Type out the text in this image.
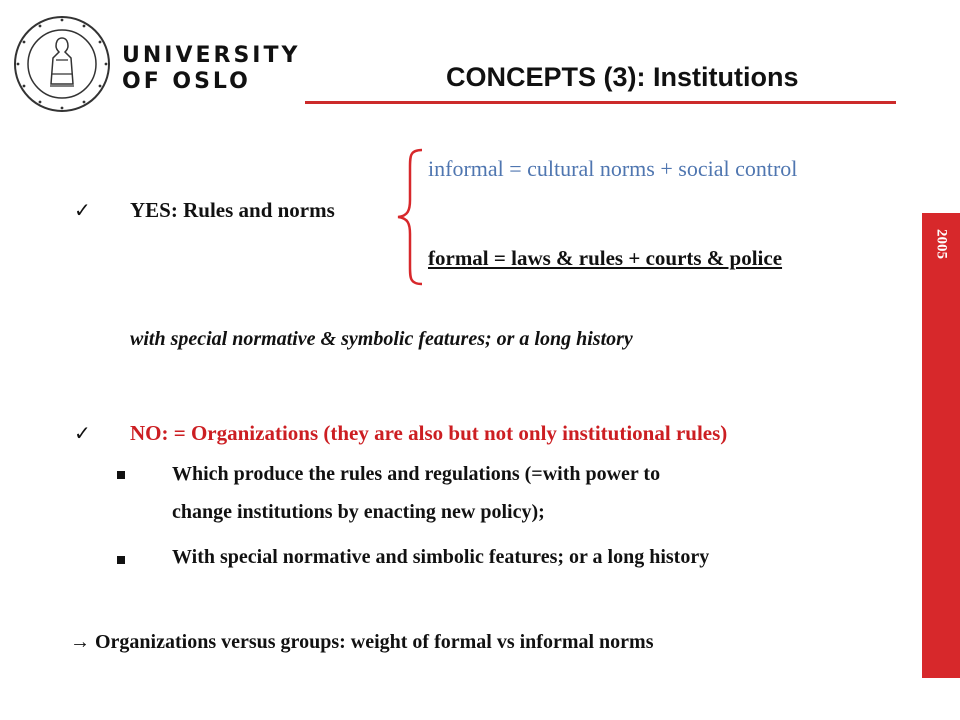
UNIVERSITY
OF OSLO	CONCEPTS (3): Institutions
2005
✓ YES: Rules and norms
informal = cultural norms + social control
formal = laws & rules + courts & police
with special normative & symbolic features; or a long history
✓ NO: = Organizations (they are also but not only institutional rules)
Which produce the rules and regulations (=with power to
change institutions by enacting new policy);
With special normative and simbolic features; or a long history
→ Organizations versus groups: weight of formal vs informal norms
